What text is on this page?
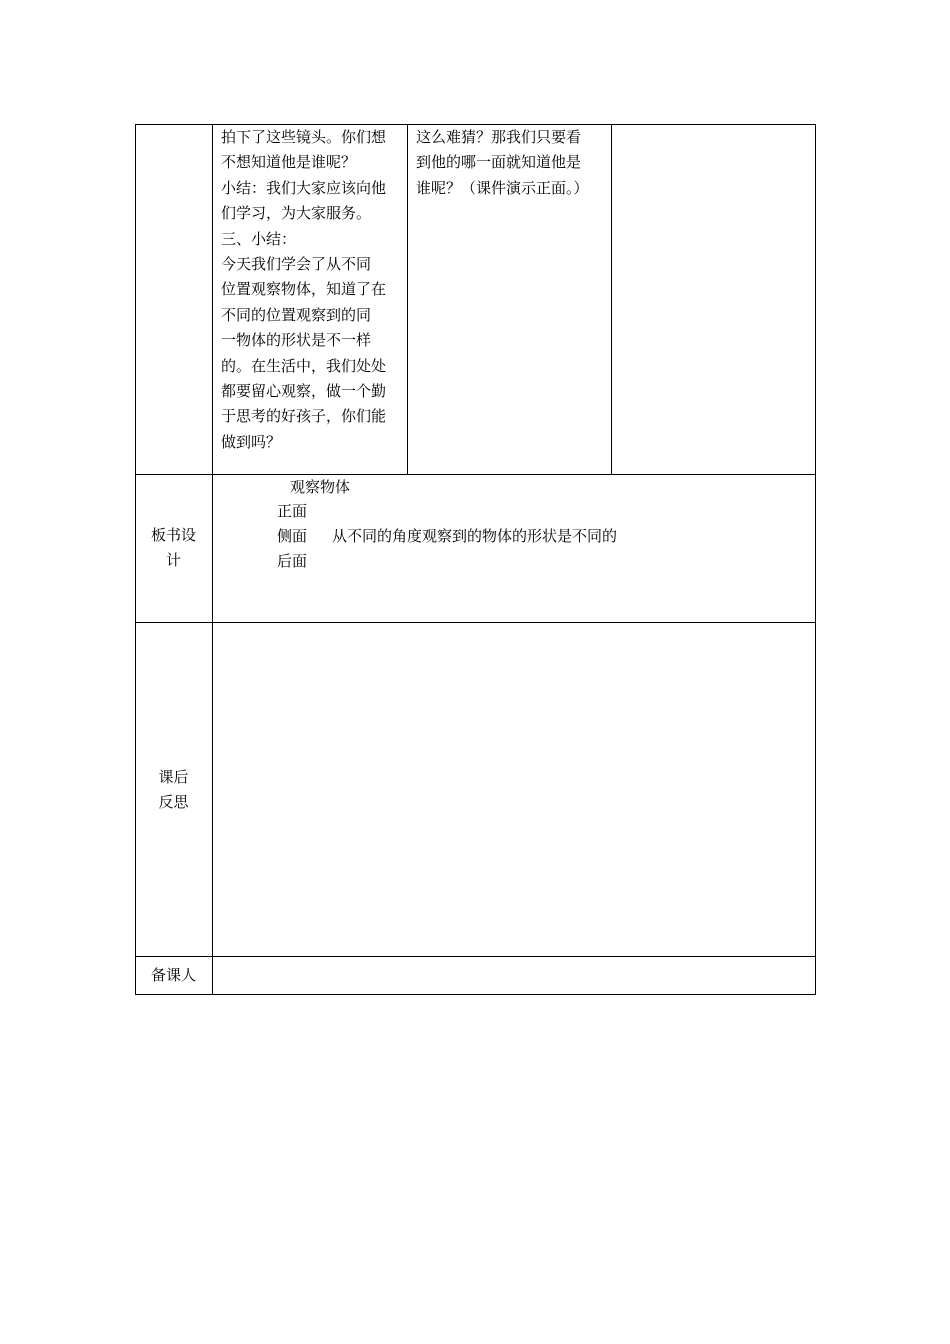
拍下了这些镜头。你们想
不想知道他是谁呢？
小结：我们大家应该向他
们学习，为大家服务。
三、小结：
今天我们学会了从不同
位置观察物体，知道了在
不同的位置观察到的同
一物体的形状是不一样
的。在生活中，我们处处
都要留心观察，做一个勤
于思考的好孩子，你们能
做到吗？
这么难猜？那我们只要看
到他的哪一面就知道他是
谁呢？（课件演示正面。）
板书设
计
观察物体
正面
侧面 从不同的角度观察到的物体的形状是不同的
后面
课后
反思
备课人
